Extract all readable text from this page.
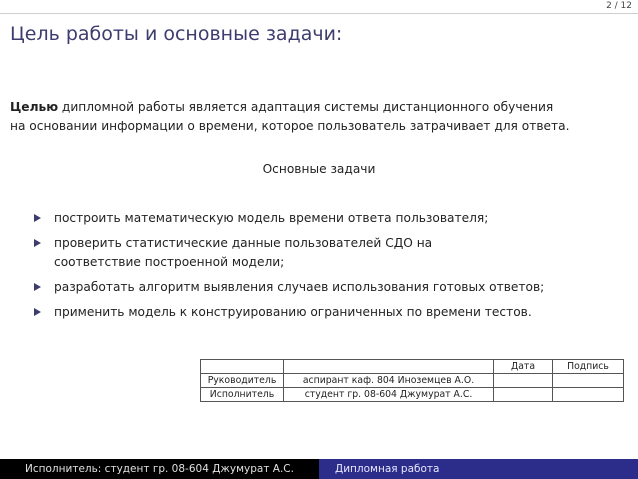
2 / 12
Цель работы и основные задачи:
Целью дипломной работы является адаптация системы дистанционного обучения
на основании информации о времени, которое пользователь затрачивает для ответа.
Основные задачи
построить математическую модель времени ответа пользователя;
проверить статистические данные пользователей СДО на соответствие построенной модели;
разработать алгоритм выявления случаев использования готовых ответов;
применить модель к конструированию ограниченных по времени тестов.
		Дата	Подпись
Руководитель	аспирант каф. 804 Иноземцев А.О.		
Исполнитель	студент гр. 08-604 Джумурат А.С.		
Исполнитель: студент гр. 08-604 Джумурат А.С.	Дипломная работа
